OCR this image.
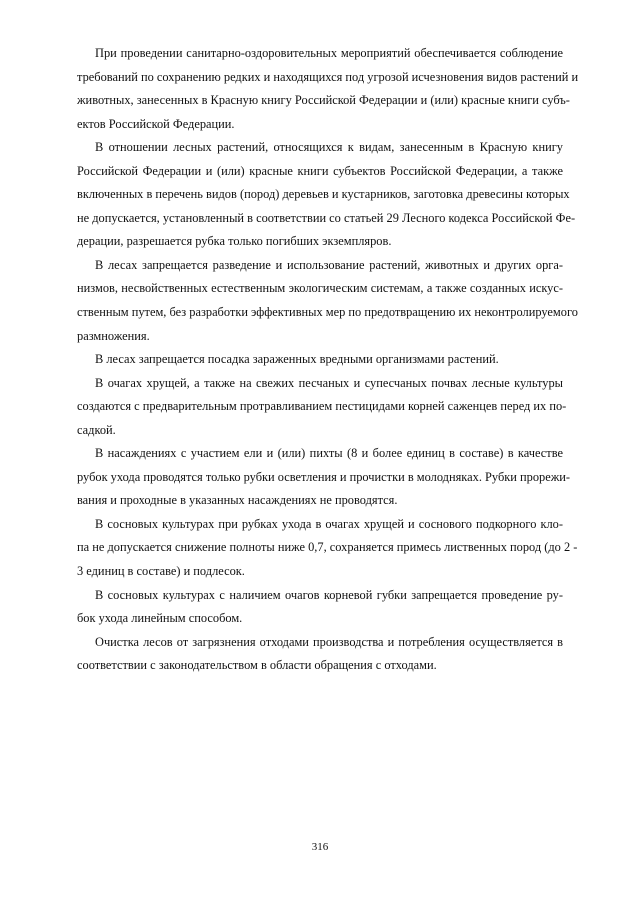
При проведении санитарно-оздоровительных мероприятий обеспечивается соблюдение
требований по сохранению редких и находящихся под угрозой исчезновения видов растений и
животных, занесенных в Красную книгу Российской Федерации и (или) красные книги субъ-
ектов Российской Федерации.
В отношении лесных растений, относящихся к видам, занесенным в Красную книгу
Российской Федерации и (или) красные книги субъектов Российской Федерации, а также
включенных в перечень видов (пород) деревьев и кустарников, заготовка древесины которых
не допускается, установленный в соответствии со статьей 29 Лесного кодекса Российской Фе-
дерации, разрешается рубка только погибших экземпляров.
В лесах запрещается разведение и использование растений, животных и других орга-
низмов, несвойственных естественным экологическим системам, а также созданных искус-
ственным путем, без разработки эффективных мер по предотвращению их неконтролируемого
размножения.
В лесах запрещается посадка зараженных вредными организмами растений.
В очагах хрущей, а также на свежих песчаных и супесчаных почвах лесные культуры
создаются с предварительным протравливанием пестицидами корней саженцев перед их по-
садкой.
В насаждениях с участием ели и (или) пихты (8 и более единиц в составе) в качестве
рубок ухода проводятся только рубки осветления и прочистки в молодняках. Рубки прорежи-
вания и проходные в указанных насаждениях не проводятся.
В сосновых культурах при рубках ухода в очагах хрущей и соснового подкорного кло-
па не допускается снижение полноты ниже 0,7, сохраняется примесь лиственных пород (до 2 -
3 единиц в составе) и подлесок.
В сосновых культурах с наличием очагов корневой губки запрещается проведение ру-
бок ухода линейным способом.
Очистка лесов от загрязнения отходами производства и потребления осуществляется в
соответствии с законодательством в области обращения с отходами.
316
